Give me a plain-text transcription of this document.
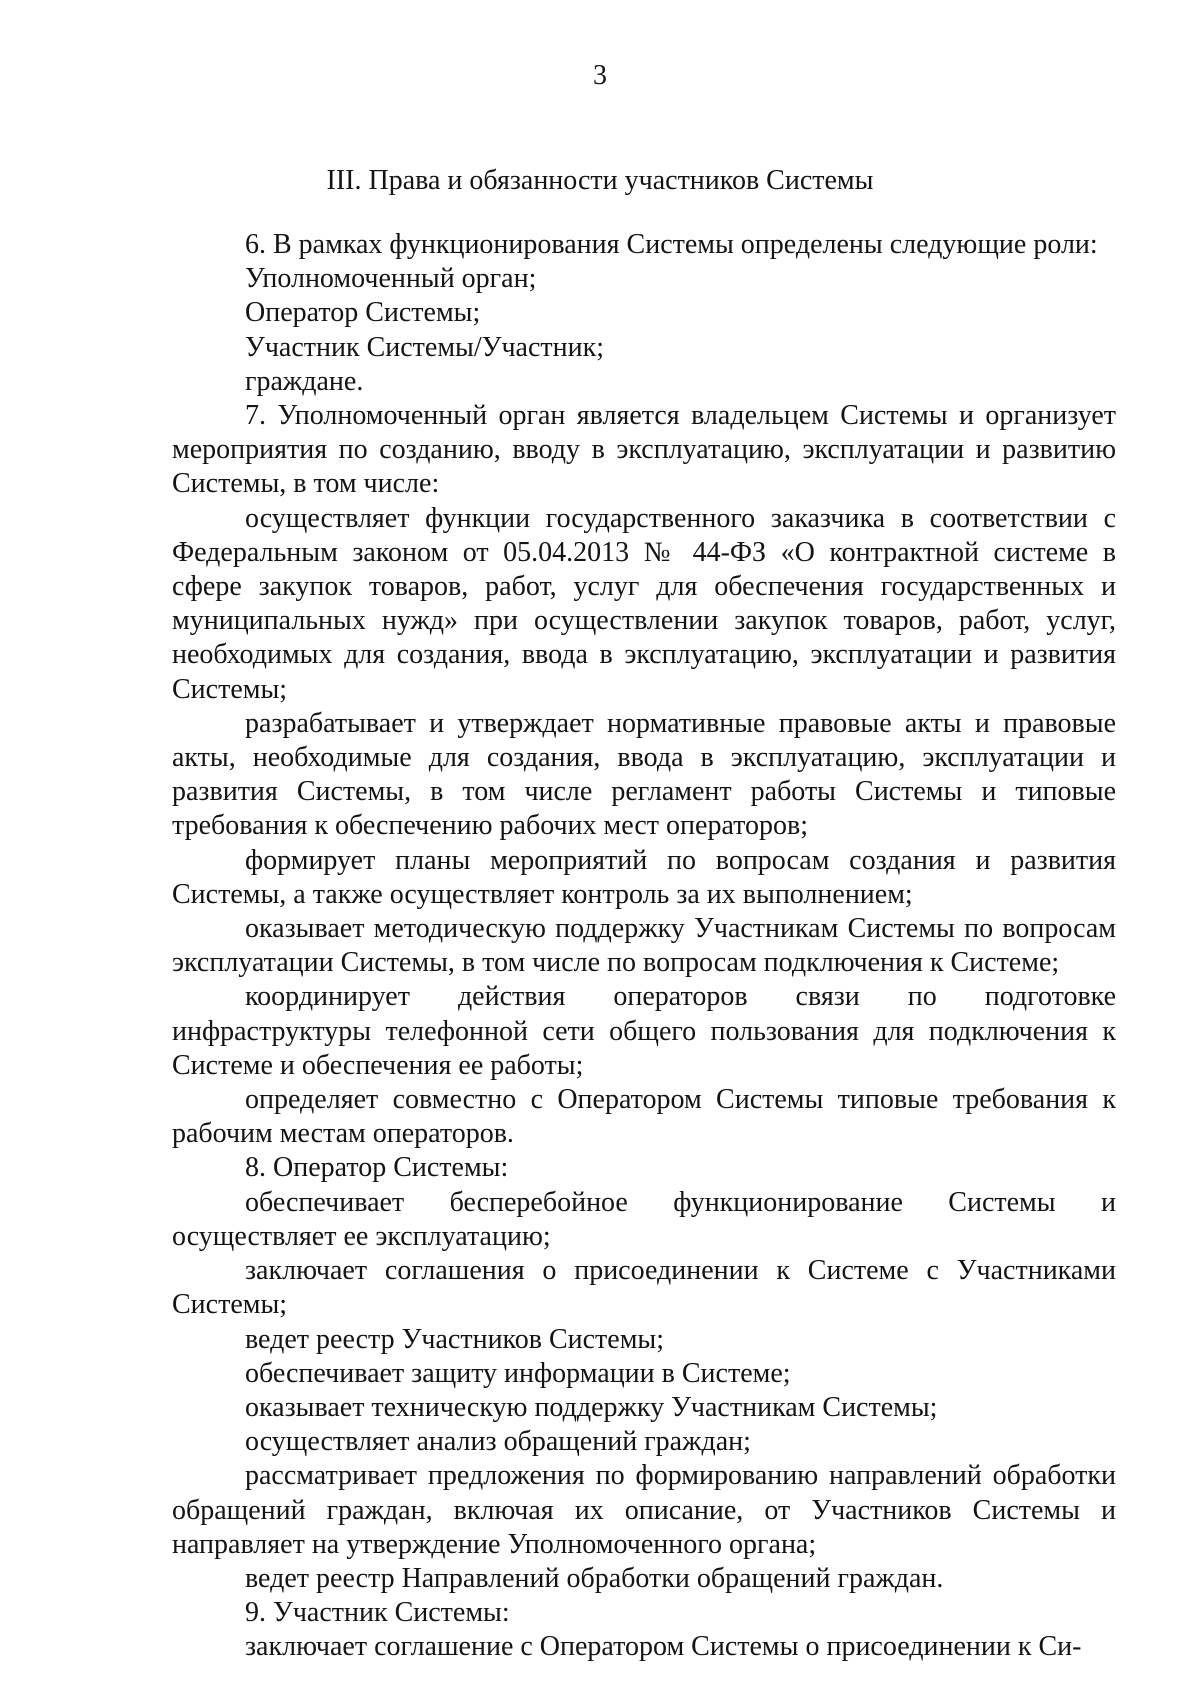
3
III. Права и обязанности участников Системы

6. В рамках функционирования Системы определены следующие роли:

Уполномоченный орган;

Оператор Системы;

Участник Системы/Участник;

граждане.

7. Уполномоченный орган является владельцем Системы и организует мероприятия по созданию, вводу в эксплуатацию, эксплуатации и развитию Системы, в том числе:

осуществляет функции государственного заказчика в соответствии с Федеральным законом от 05.04.2013 № 44-ФЗ «О контрактной системе в сфере закупок товаров, работ, услуг для обеспечения государственных и муниципальных нужд» при осуществлении закупок товаров, работ, услуг, необходимых для создания, ввода в эксплуатацию, эксплуатации и развития Системы;

разрабатывает и утверждает нормативные правовые акты и правовые акты, необходимые для создания, ввода в эксплуатацию, эксплуатации и развития Системы, в том числе регламент работы Системы и типовые требования к обеспечению рабочих мест операторов;

формирует планы мероприятий по вопросам создания и развития Системы, а также осуществляет контроль за их выполнением;

оказывает методическую поддержку Участникам Системы по вопросам эксплуатации Системы, в том числе по вопросам подключения к Системе;

координирует действия операторов связи по подготовке инфраструктуры телефонной сети общего пользования для подключения к Системе и обеспечения ее работы;

определяет совместно с Оператором Системы типовые требования к рабочим местам операторов.

8. Оператор Системы:

обеспечивает бесперебойное функционирование Системы и осуществляет ее эксплуатацию;

заключает соглашения о присоединении к Системе с Участниками Системы;

ведет реестр Участников Системы;

обеспечивает защиту информации в Системе;

оказывает техническую поддержку Участникам Системы;

осуществляет анализ обращений граждан;

рассматривает предложения по формированию направлений обработки обращений граждан, включая их описание, от Участников Системы и направляет на утверждение Уполномоченного органа;

ведет реестр Направлений обработки обращений граждан.

9. Участник Системы:

заключает соглашение с Оператором Системы о присоединении к Си-
